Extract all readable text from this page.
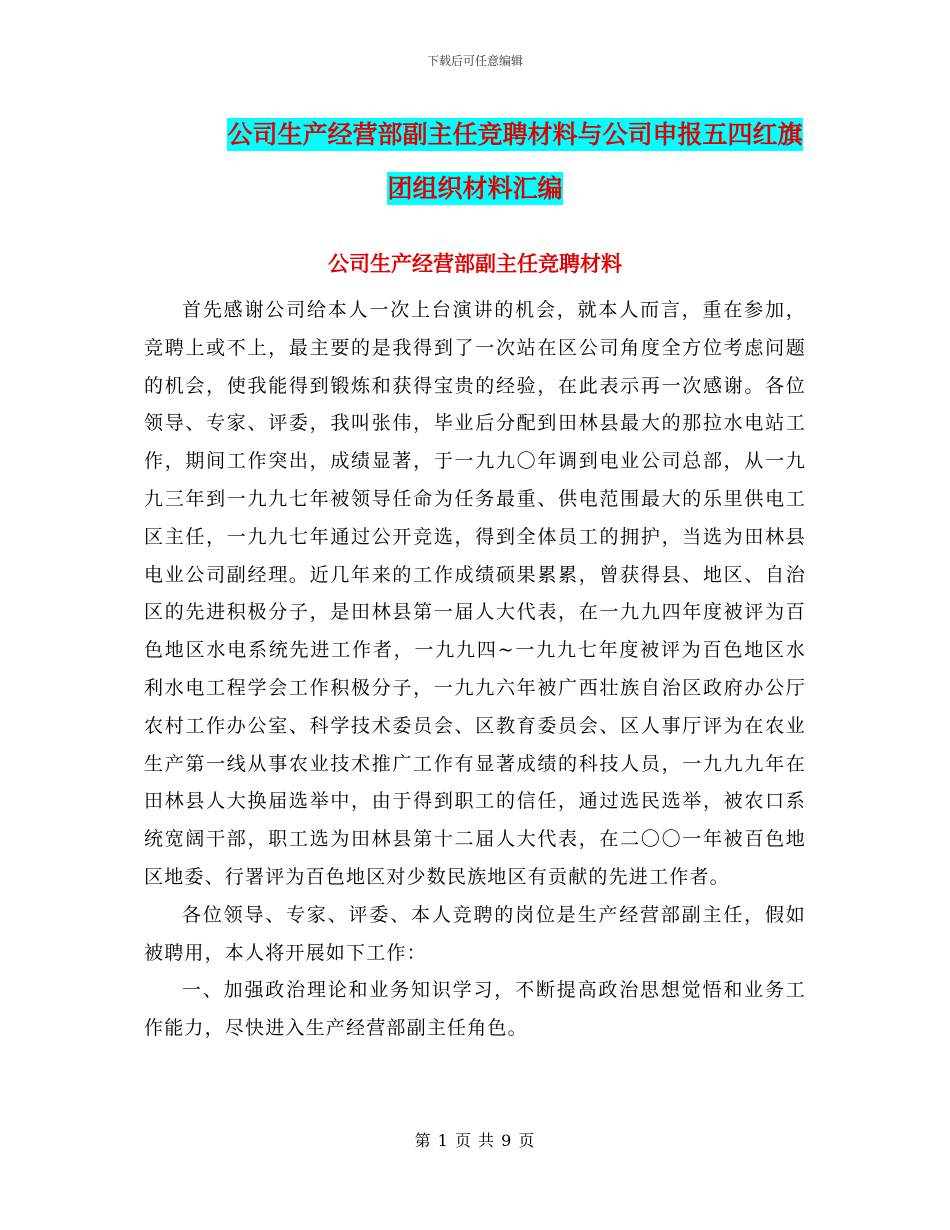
下载后可任意编辑
公司生产经营部副主任竞聘材料与公司申报五四红旗
团组织材料汇编
公司生产经营部副主任竞聘材料

首先感谢公司给本人一次上台演讲的机会，就本人而言，重在参加，竞聘上或不上，最主要的是我得到了一次站在区公司角度全方位考虑问题的机会，使我能得到锻炼和获得宝贵的经验，在此表示再一次感谢。各位领导、专家、评委，我叫张伟，毕业后分配到田林县最大的那拉水电站工作，期间工作突出，成绩显著，于一九九〇年调到电业公司总部，从一九九三年到一九九七年被领导任命为任务最重、供电范围最大的乐里供电工区主任，一九九七年通过公开竞选，得到全体员工的拥护，当选为田林县电业公司副经理。近几年来的工作成绩硕果累累，曾获得县、地区、自治区的先进积极分子，是田林县第一届人大代表，在一九九四年度被评为百色地区水电系统先进工作者，一九九四~一九九七年度被评为百色地区水利水电工程学会工作积极分子，一九九六年被广西壮族自治区政府办公厅农村工作办公室、科学技术委员会、区教育委员会、区人事厅评为在农业生产第一线从事农业技术推广工作有显著成绩的科技人员，一九九九年在田林县人大换届选举中，由于得到职工的信任，通过选民选举，被农口系统宽阔干部，职工选为田林县第十二届人大代表，在二〇〇一年被百色地区地委、行署评为百色地区对少数民族地区有贡献的先进工作者。

各位领导、专家、评委、本人竞聘的岗位是生产经营部副主任，假如被聘用，本人将开展如下工作：

一、加强政治理论和业务知识学习，不断提高政治思想觉悟和业务工作能力，尽快进入生产经营部副主任角色。

第 1 页 共 9 页
